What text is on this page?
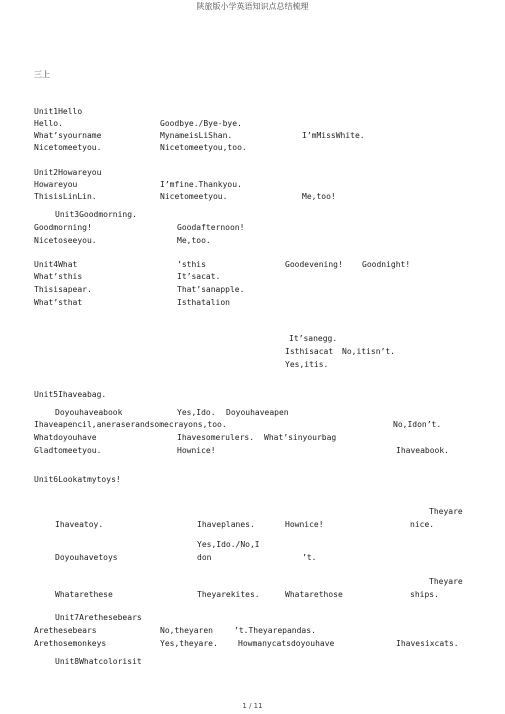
陕旅版小学英语知识点总结梳理
三上
Unit1Hello
Hello.	Goodbye./Bye-bye.
What’syourname	MynameisLiShan.	I’mMissWhite.
Nicetomeetyou.	Nicetomeetyou,too.
Unit2Howareyou
Howareyou	I’mfine.Thankyou.
ThisisLinLin.	Nicetomeetyou.	Me,too!
Unit3Goodmorning.
Goodmorning!	Goodafternoon!
Nicetoseeyou.	Me,too.
Unit4What	’sthis	Goodevening! Goodnight!
What’sthis	It’sacat.
Thisisapear.	That’sanapple.
What’sthat	Isthatalion
It’sanegg.
Isthisacat No,itisn’t.
Yes,itis.
Unit5Ihaveabag.
Doyouhaveabook	Yes,Ido. Doyouhaveapen
Ihaveapencil,aneraserandsomecrayons,too.	No,Idon’t.
Whatdoyouhave	Ihavesomerulers. What’sinyourbag
Gladtomeetyou.	Hownice!	Ihaveabook.
Unit6Lookatmytoys!
Theyare
Ihaveatoy.	Ihaveplanes.	Hownice!	nice.
Yes,Ido./No,I
Doyouhavetoys	don	’t.
Theyare
Whatarethese	Theyarekites.	Whatarethose	ships.
Unit7Arethesebears
Arethesebears	No,theyaren	’t.Theyarepandas.
Arethosemonkeys	Yes,theyare.	Howmanycatsdoyouhave	Ihavesixcats.
Unit8Whatcolorisit
1 / 11
